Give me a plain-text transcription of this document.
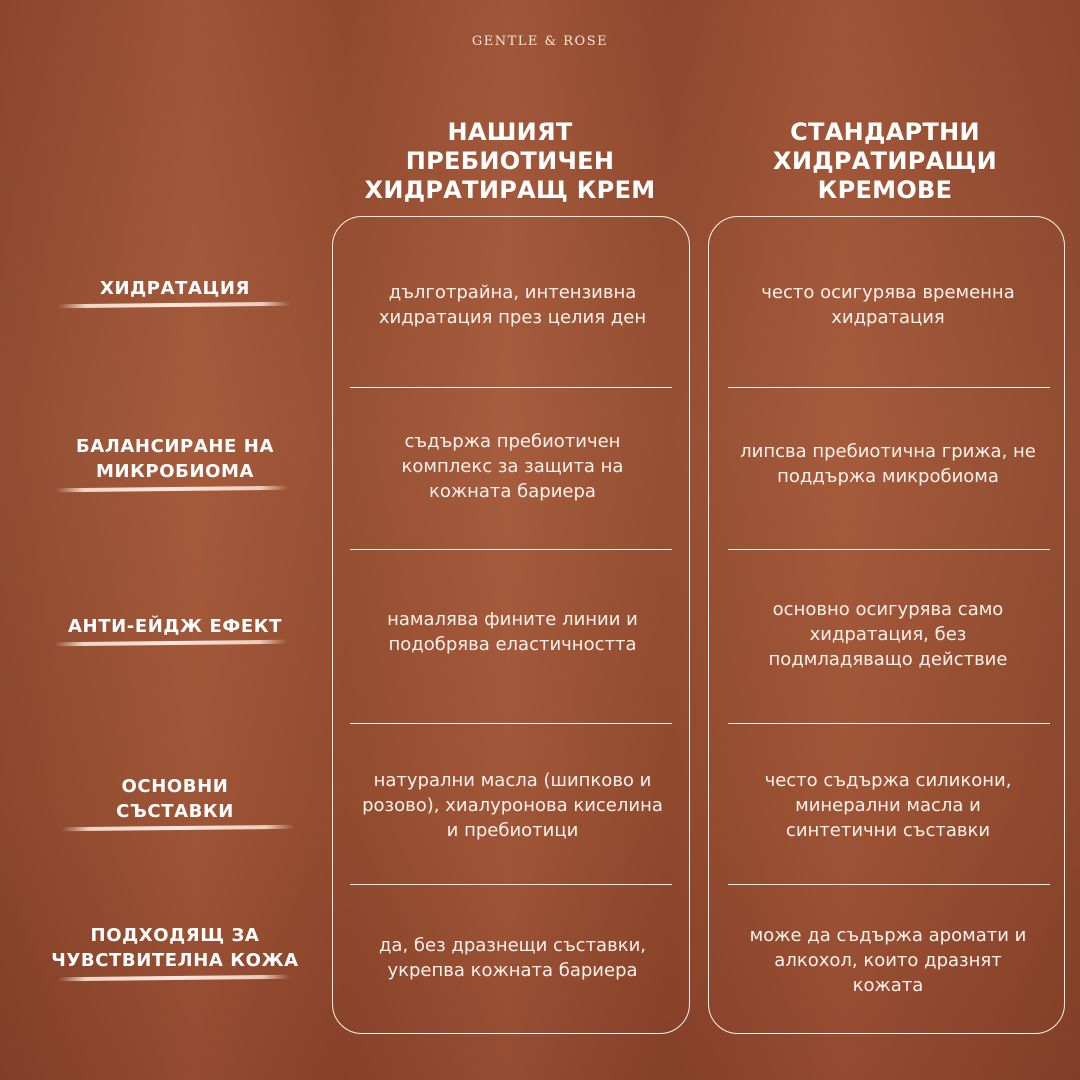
GENTLE & ROSE
НАШИЯТ ПРЕБИОТИЧЕН ХИДРАТИРАЩ КРЕМ
СТАНДАРТНИ ХИДРАТИРАЩИ КРЕМОВЕ
ХИДРАТАЦИЯ	дълготрайна, интензивна хидратация през целия ден
често осигурява временна хидратация
БАЛАНСИРАНЕ НА МИКРОБИОМА
съдържа пребиотичен комплекс за защита на кожната бариера
липсва пребиотична грижа, не поддържа микробиома
АНТИ-ЕЙДЖ ЕФЕКТ	намалява фините линии и подобрява еластичността
основно осигурява само хидратация, без подмладяващо действие
ОСНОВНИ СЪСТАВКИ
натурални масла (шипково и розово), хиалуронова киселина и пребиотици
често съдържа силикони, минерални масла и синтетични съставки
ПОДХОДЯЩ ЗА ЧУВСТВИТЕЛНА КОЖА
да, без дразнещи съставки, укрепва кожната бариера
може да съдържа аромати и алкохол, които дразнят кожата
